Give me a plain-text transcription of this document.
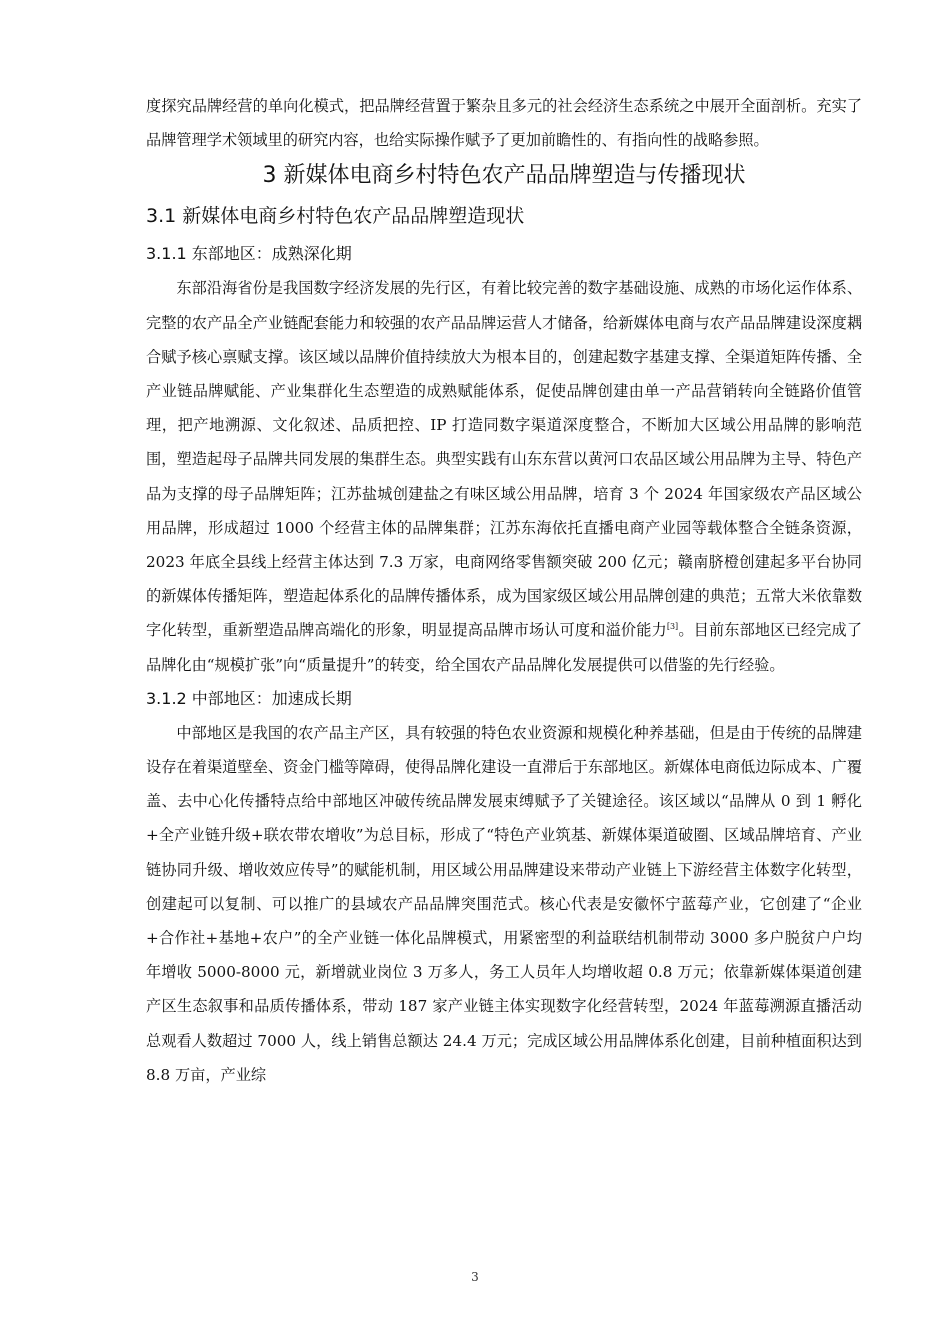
度探究品牌经营的单向化模式，把品牌经营置于繁杂且多元的社会经济生态系统之中展开全面剖析。充实了品牌管理学术领域里的研究内容，也给实际操作赋予了更加前瞻性的、有指向性的战略参照。

3 新媒体电商乡村特色农产品品牌塑造与传播现状
3.1 新媒体电商乡村特色农产品品牌塑造现状
3.1.1 东部地区：成熟深化期

东部沿海省份是我国数字经济发展的先行区，有着比较完善的数字基础设施、成熟的市场化运作体系、完整的农产品全产业链配套能力和较强的农产品品牌运营人才储备，给新媒体电商与农产品品牌建设深度耦合赋予核心禀赋支撑。该区域以品牌价值持续放大为根本目的，创建起数字基建支撑、全渠道矩阵传播、全产业链品牌赋能、产业集群化生态塑造的成熟赋能体系，促使品牌创建由单一产品营销转向全链路价值管理，把产地溯源、文化叙述、品质把控、IP 打造同数字渠道深度整合，不断加大区域公用品牌的影响范围，塑造起母子品牌共同发展的集群生态。典型实践有山东东营以黄河口农品区域公用品牌为主导、特色产品为支撑的母子品牌矩阵；江苏盐城创建盐之有味区域公用品牌，培育 3 个 2024 年国家级农产品区域公用品牌，形成超过 1000 个经营主体的品牌集群；江苏东海依托直播电商产业园等载体整合全链条资源，2023 年底全县线上经营主体达到 7.3 万家，电商网络零售额突破 200 亿元；赣南脐橙创建起多平台协同的新媒体传播矩阵，塑造起体系化的品牌传播体系，成为国家级区域公用品牌创建的典范；五常大米依靠数字化转型，重新塑造品牌高端化的形象，明显提高品牌市场认可度和溢价能力[3]。目前东部地区已经完成了品牌化由“规模扩张”向“质量提升”的转变，给全国农产品品牌化发展提供可以借鉴的先行经验。

3.1.2 中部地区：加速成长期

中部地区是我国的农产品主产区，具有较强的特色农业资源和规模化种养基础，但是由于传统的品牌建设存在着渠道壁垒、资金门槛等障碍，使得品牌化建设一直滞后于东部地区。新媒体电商低边际成本、广覆盖、去中心化传播特点给中部地区冲破传统品牌发展束缚赋予了关键途径。该区域以“品牌从 0 到 1 孵化+全产业链升级+联农带农增收”为总目标，形成了“特色产业筑基、新媒体渠道破圈、区域品牌培育、产业链协同升级、增收效应传导”的赋能机制，用区域公用品牌建设来带动产业链上下游经营主体数字化转型，创建起可以复制、可以推广的县域农产品品牌突围范式。核心代表是安徽怀宁蓝莓产业，它创建了“企业+合作社+基地+农户”的全产业链一体化品牌模式，用紧密型的利益联结机制带动 3000 多户脱贫户户均年增收 5000-8000 元，新增就业岗位 3 万多人，务工人员年人均增收超 0.8 万元；依靠新媒体渠道创建产区生态叙事和品质传播体系，带动 187 家产业链主体实现数字化经营转型，2024 年蓝莓溯源直播活动总观看人数超过 7000 人，线上销售总额达 24.4 万元；完成区域公用品牌体系化创建，目前种植面积达到 8.8 万亩，产业综

3
